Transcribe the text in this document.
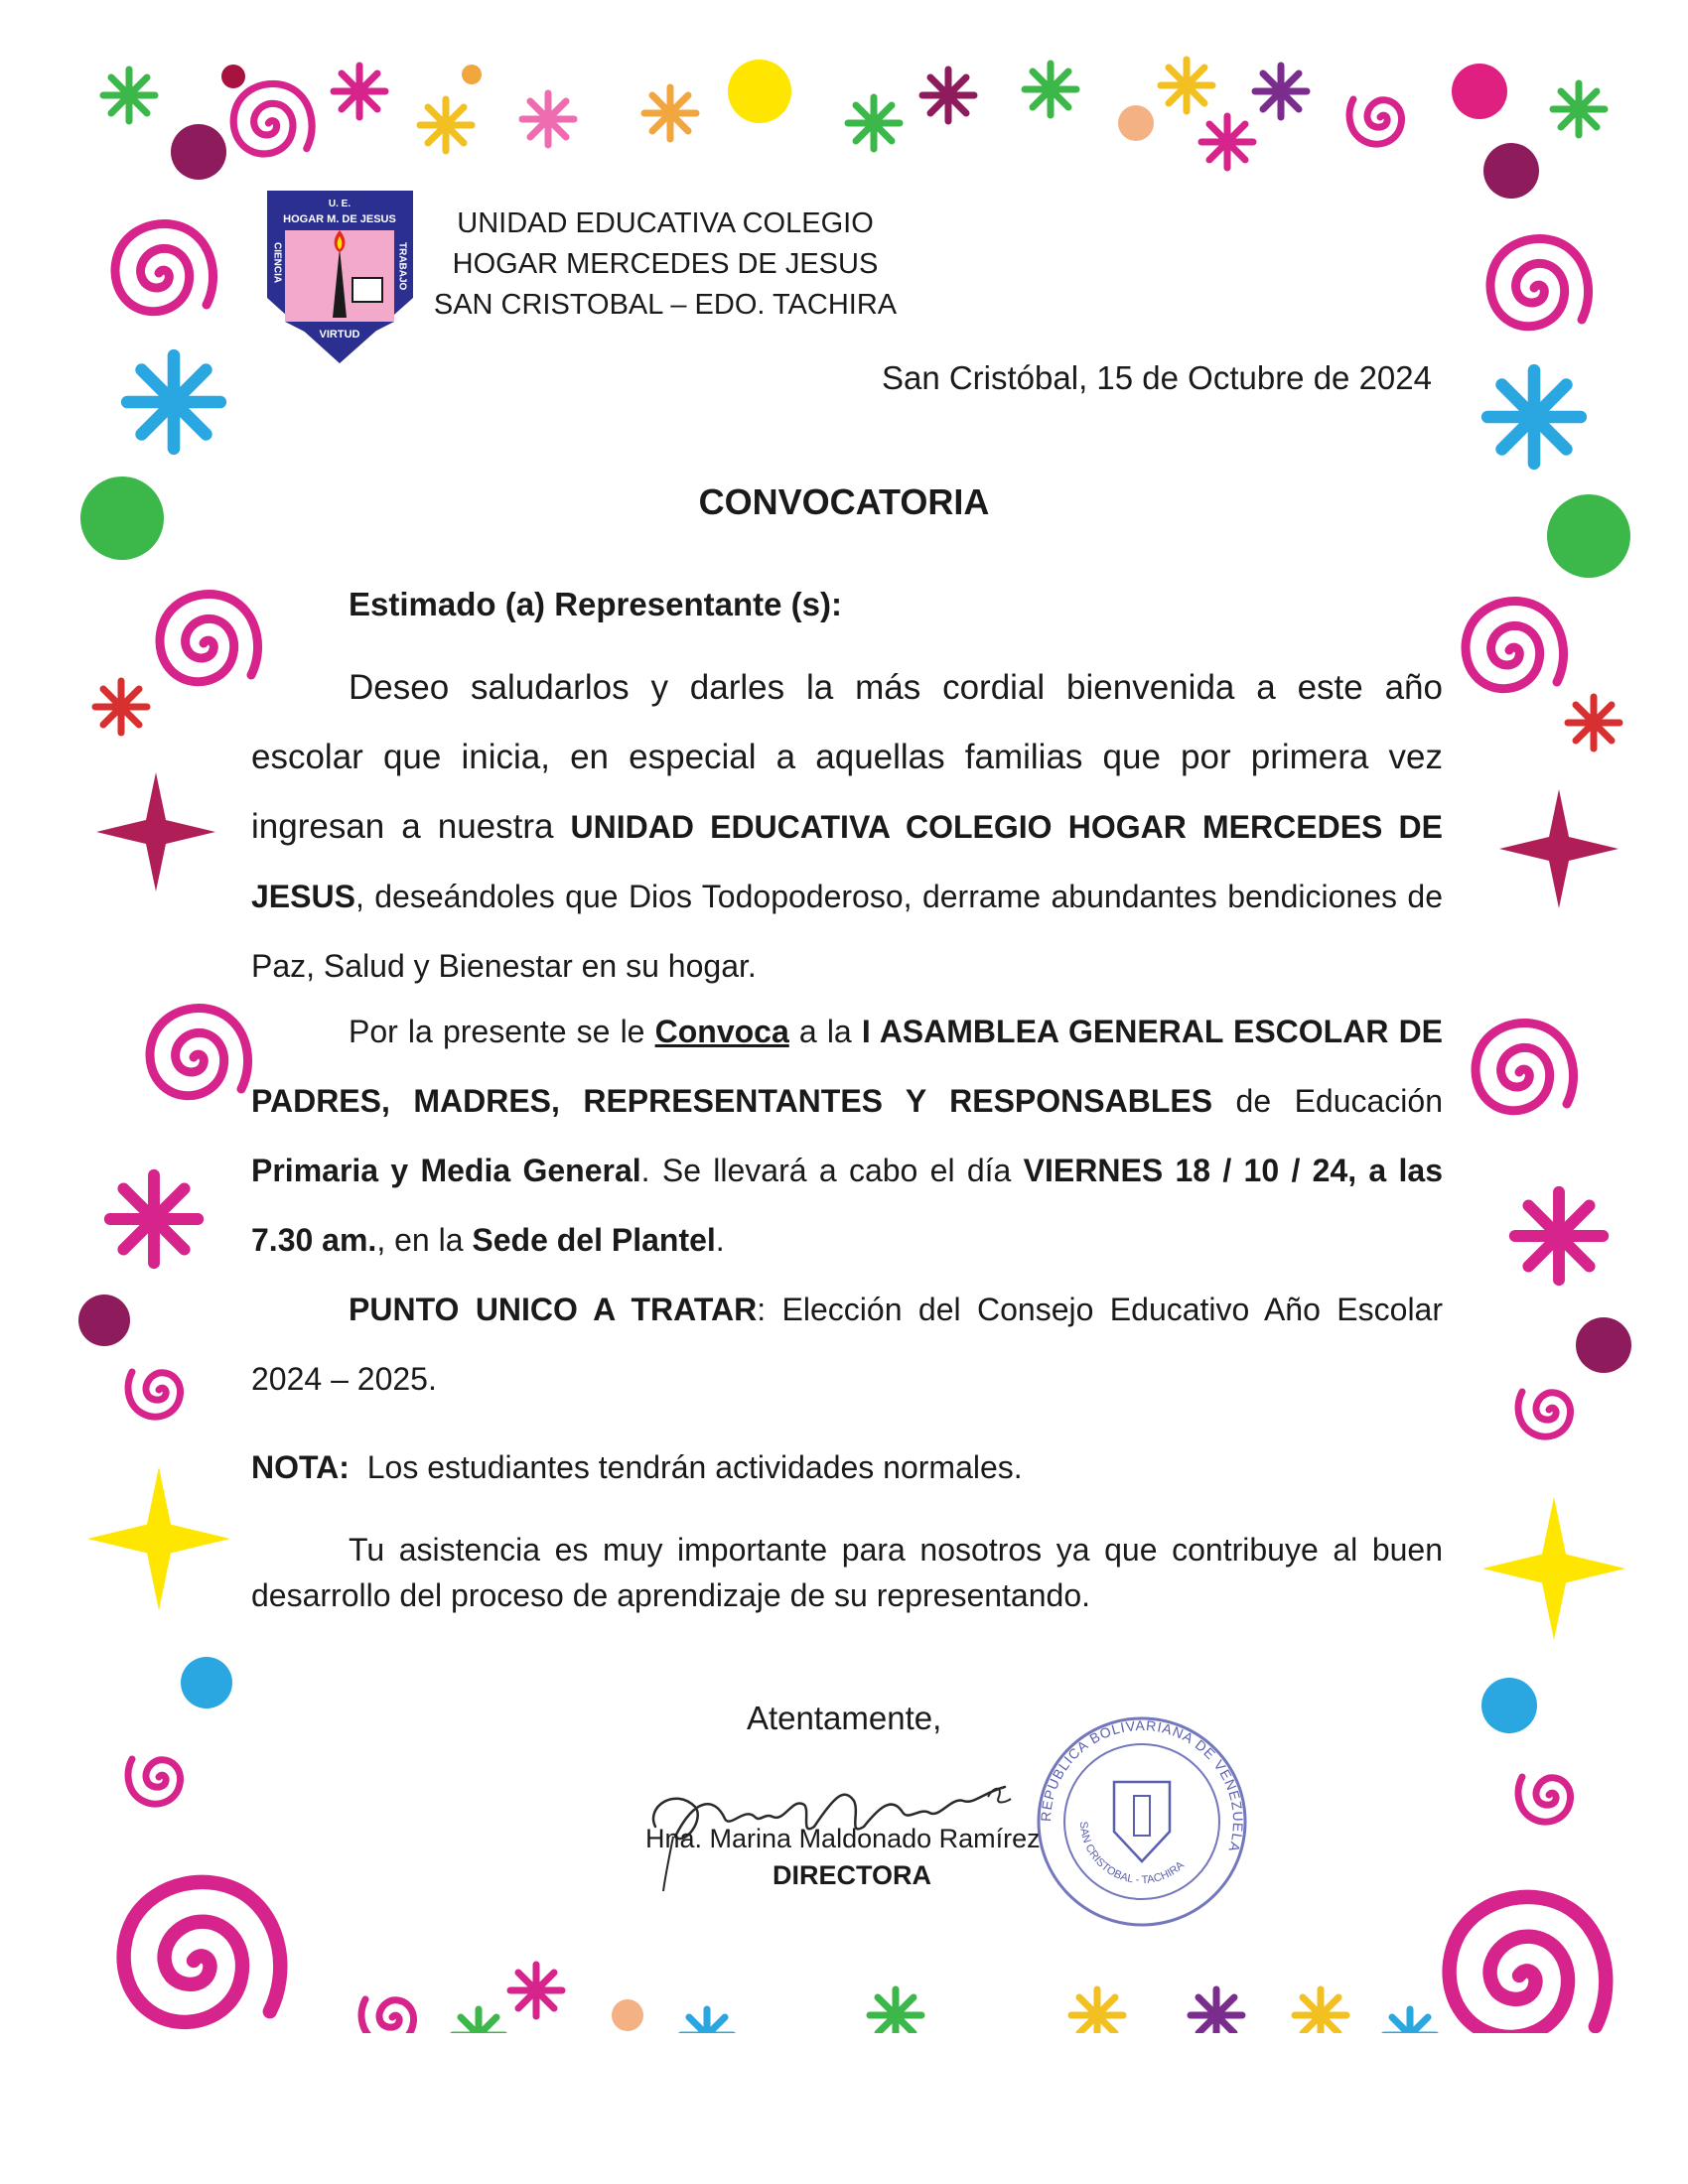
U. E.
HOGAR M. DE JESUS
CIENCIA	TRABAJO
VIRTUD
UNIDAD EDUCATIVA COLEGIO
HOGAR MERCEDES DE JESUS
SAN CRISTOBAL – EDO. TACHIRA
San Cristóbal, 15 de Octubre de 2024
CONVOCATORIA
Estimado (a) Representante (s):

Deseo saludarlos y darles la más cordial bienvenida a este año escolar que inicia, en especial a aquellas familias que por primera vez ingresan a nuestra UNIDAD EDUCATIVA COLEGIO HOGAR MERCEDES DE JESUS, deseándoles que Dios Todopoderoso, derrame abundantes bendiciones de Paz, Salud y Bienestar en su hogar.

Por la presente se le Convoca a la I ASAMBLEA GENERAL ESCOLAR DE PADRES, MADRES, REPRESENTANTES Y RESPONSABLES de Educación Primaria y Media General. Se llevará a cabo el día VIERNES 18 / 10 / 24, a las 7.30 am., en la Sede del Plantel.

PUNTO UNICO A TRATAR: Elección del Consejo Educativo Año Escolar 2024 – 2025.

NOTA:  Los estudiantes tendrán actividades normales.

Tu asistencia es muy importante para nosotros ya que contribuye al buen desarrollo del proceso de aprendizaje de su representando.

Atentamente,
Hna. Marina Maldonado Ramírez
DIRECTORA
REPUBLICA BOLIVARIANA DE VENEZUELA
SAN CRISTOBAL - TACHIRA
